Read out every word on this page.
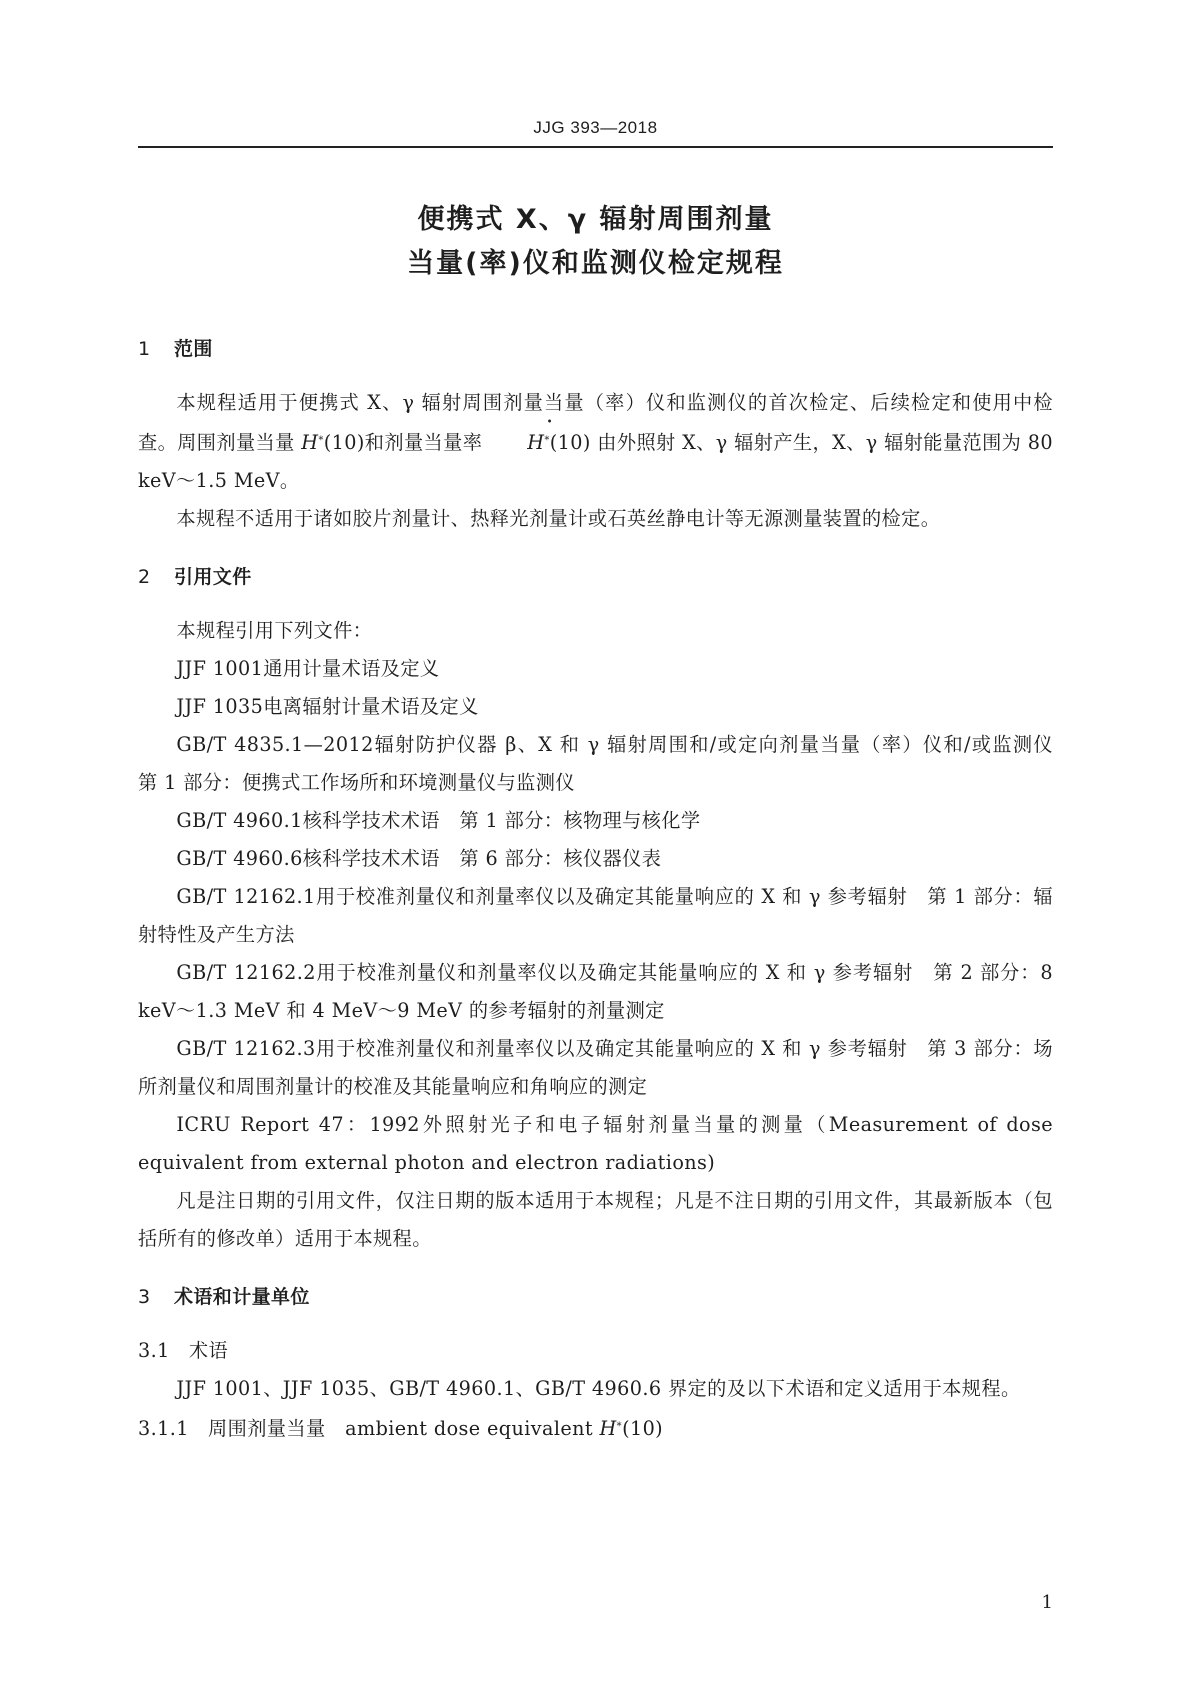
JJG 393—2018
便携式 X、γ 辐射周围剂量
当量(率)仪和监测仪检定规程
1 范围
本规程适用于便携式 X、γ 辐射周围剂量当量（率）仪和监测仪的首次检定、后续检定和使用中检查。周围剂量当量 H*(10)和剂量当量率 • H*(10) 由外照射 X、γ 辐射产生，X、γ 辐射能量范围为 80 keV～1.5 MeV。
本规程不适用于诸如胶片剂量计、热释光剂量计或石英丝静电计等无源测量装置的检定。
2 引用文件
本规程引用下列文件：
JJF 1001通用计量术语及定义
JJF 1035电离辐射计量术语及定义
GB/T 4835.1—2012辐射防护仪器 β、X 和 γ 辐射周围和/或定向剂量当量（率）仪和/或监测仪　第 1 部分：便携式工作场所和环境测量仪与监测仪
GB/T 4960.1核科学技术术语　第 1 部分：核物理与核化学
GB/T 4960.6核科学技术术语　第 6 部分：核仪器仪表
GB/T 12162.1用于校准剂量仪和剂量率仪以及确定其能量响应的 X 和 γ 参考辐射　第 1 部分：辐射特性及产生方法
GB/T 12162.2用于校准剂量仪和剂量率仪以及确定其能量响应的 X 和 γ 参考辐射　第 2 部分：8 keV～1.3 MeV 和 4 MeV～9 MeV 的参考辐射的剂量测定
GB/T 12162.3用于校准剂量仪和剂量率仪以及确定其能量响应的 X 和 γ 参考辐射　第 3 部分：场所剂量仪和周围剂量计的校准及其能量响应和角响应的测定
ICRU Report 47：1992外照射光子和电子辐射剂量当量的测量（Measurement of dose equivalent from external photon and electron radiations)
凡是注日期的引用文件，仅注日期的版本适用于本规程；凡是不注日期的引用文件，其最新版本（包括所有的修改单）适用于本规程。
3 术语和计量单位
3.1 术语
JJF 1001、JJF 1035、GB/T 4960.1、GB/T 4960.6 界定的及以下术语和定义适用于本规程。
3.1.1 周围剂量当量　 ambient dose equivalent H*(10)
1
